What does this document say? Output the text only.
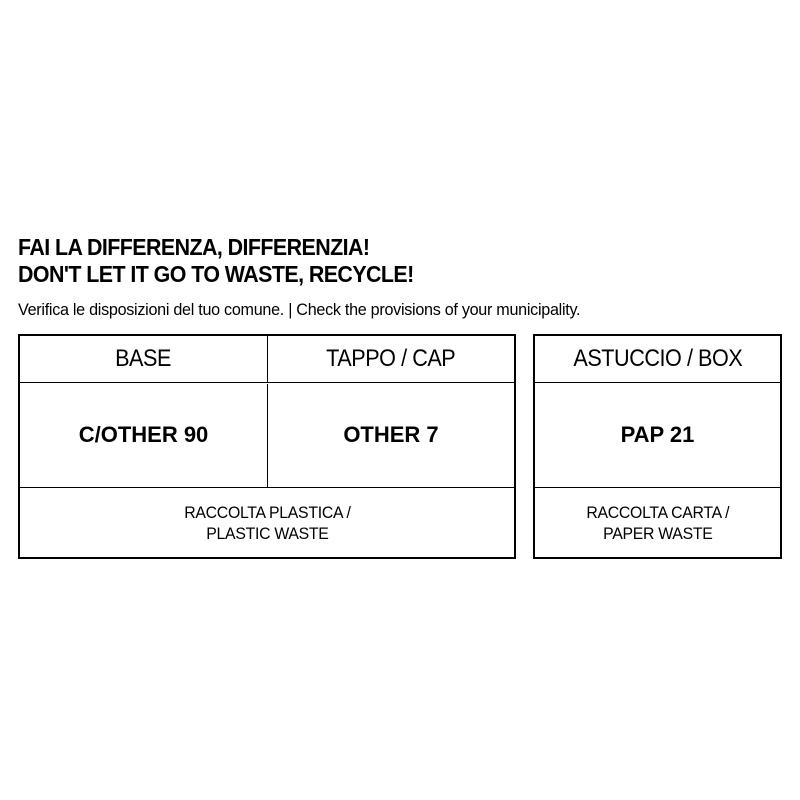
FAI LA DIFFERENZA, DIFFERENZIA!
DON'T LET IT GO TO WASTE, RECYCLE!
Verifica le disposizioni del tuo comune. | Check the provisions of your municipality.
BASE	TAPPO / CAP
C/OTHER 90	OTHER 7
RACCOLTA PLASTICA /
PLASTIC WASTE
ASTUCCIO / BOX
PAP 21
RACCOLTA CARTA /
PAPER WASTE
